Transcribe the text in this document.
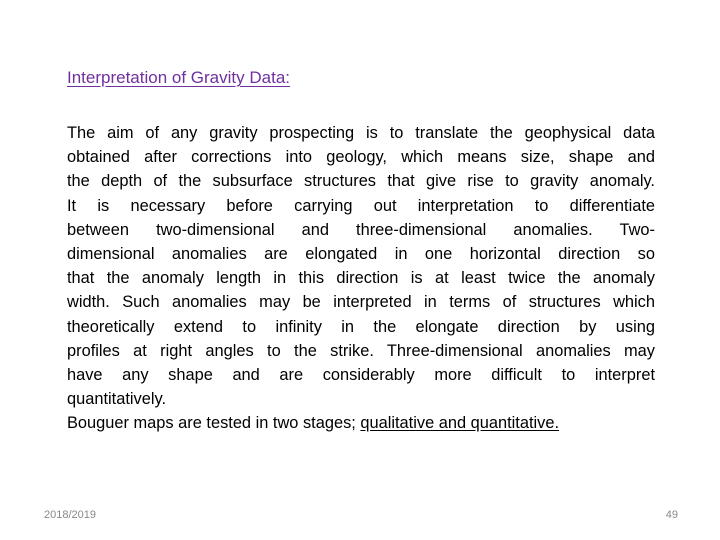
Interpretation of Gravity Data:
The aim of any gravity prospecting is to translate the geophysical data
obtained after corrections into geology, which means size, shape and
the depth of the subsurface structures that give rise to gravity anomaly.
It is necessary before carrying out interpretation to differentiate
between two-dimensional and three-dimensional anomalies. Two-
dimensional anomalies are elongated in one horizontal direction so
that the anomaly length in this direction is at least twice the anomaly
width. Such anomalies may be interpreted in terms of structures which
theoretically extend to infinity in the elongate direction by using
profiles at right angles to the strike. Three-dimensional anomalies may
have any shape and are considerably more difficult to interpret
quantitatively.
Bouguer maps are tested in two stages; qualitative and quantitative.
2018/2019	49
